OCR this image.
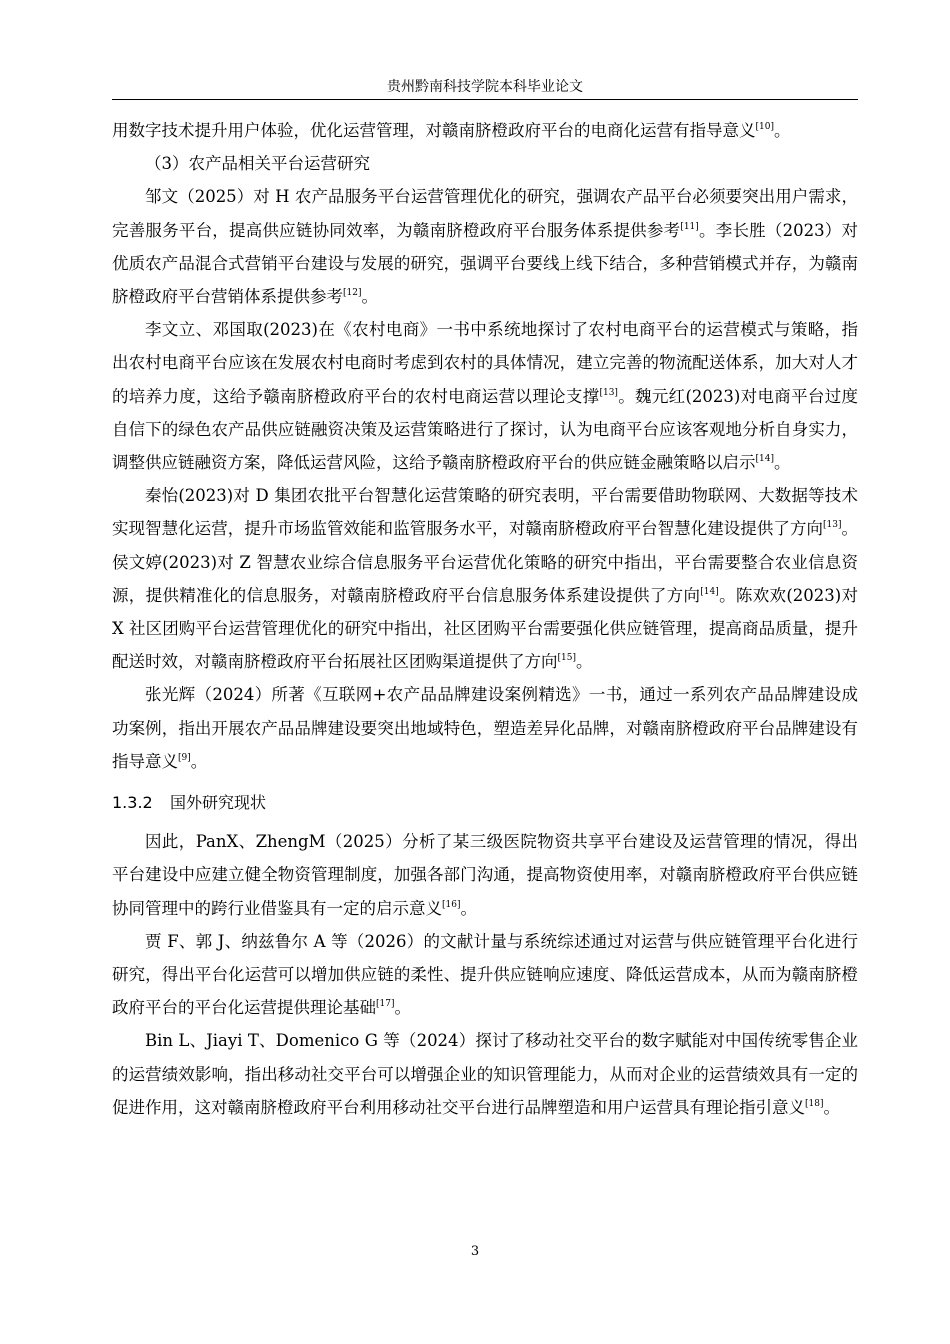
贵州黔南科技学院本科毕业论文

用数字技术提升用户体验，优化运营管理，对赣南脐橙政府平台的电商化运营有指导意义[10]。

（3）农产品相关平台运营研究

邹文（2025）对 H 农产品服务平台运营管理优化的研究，强调农产品平台必须要突出用户需求，完善服务平台，提高供应链协同效率，为赣南脐橙政府平台服务体系提供参考[11]。李长胜（2023）对优质农产品混合式营销平台建设与发展的研究，强调平台要线上线下结合，多种营销模式并存，为赣南脐橙政府平台营销体系提供参考[12]。

李文立、邓国取(2023)在《农村电商》一书中系统地探讨了农村电商平台的运营模式与策略，指出农村电商平台应该在发展农村电商时考虑到农村的具体情况，建立完善的物流配送体系，加大对人才的培养力度，这给予赣南脐橙政府平台的农村电商运营以理论支撑[13]。魏元红(2023)对电商平台过度自信下的绿色农产品供应链融资决策及运营策略进行了探讨，认为电商平台应该客观地分析自身实力，调整供应链融资方案，降低运营风险，这给予赣南脐橙政府平台的供应链金融策略以启示[14]。

秦怡(2023)对 D 集团农批平台智慧化运营策略的研究表明，平台需要借助物联网、大数据等技术实现智慧化运营，提升市场监管效能和监管服务水平，对赣南脐橙政府平台智慧化建设提供了方向[13]。侯文婷(2023)对 Z 智慧农业综合信息服务平台运营优化策略的研究中指出，平台需要整合农业信息资源，提供精准化的信息服务，对赣南脐橙政府平台信息服务体系建设提供了方向[14]。陈欢欢(2023)对 X 社区团购平台运营管理优化的研究中指出，社区团购平台需要强化供应链管理，提高商品质量，提升配送时效，对赣南脐橙政府平台拓展社区团购渠道提供了方向[15]。

张光辉（2024）所著《互联网+农产品品牌建设案例精选》一书，通过一系列农产品品牌建设成功案例，指出开展农产品品牌建设要突出地域特色，塑造差异化品牌，对赣南脐橙政府平台品牌建设有指导意义[9]。

1.3.2 国外研究现状

因此，PanX、ZhengM（2025）分析了某三级医院物资共享平台建设及运营管理的情况，得出平台建设中应建立健全物资管理制度，加强各部门沟通，提高物资使用率，对赣南脐橙政府平台供应链协同管理中的跨行业借鉴具有一定的启示意义[16]。

贾 F、郭 J、纳兹鲁尔 A 等（2026）的文献计量与系统综述通过对运营与供应链管理平台化进行研究，得出平台化运营可以增加供应链的柔性、提升供应链响应速度、降低运营成本，从而为赣南脐橙政府平台的平台化运营提供理论基础[17]。

Bin L、Jiayi T、Domenico G 等（2024）探讨了移动社交平台的数字赋能对中国传统零售企业的运营绩效影响，指出移动社交平台可以增强企业的知识管理能力，从而对企业的运营绩效具有一定的促进作用，这对赣南脐橙政府平台利用移动社交平台进行品牌塑造和用户运营具有理论指引意义[18]。

3
